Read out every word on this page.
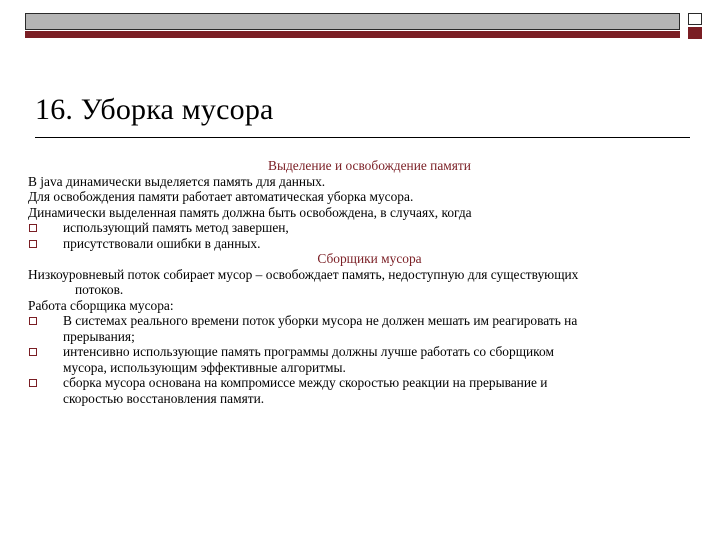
16. Уборка мусора

Выделение и освобождение памяти

В java динамически выделяется память для данных.

Для освобождения памяти работает автоматическая уборка мусора.

Динамически выделенная память должна быть освобождена, в случаях, когда

использующий память метод завершен,

присутствовали ошибки в данных.

Сборщики мусора

Низкоуровневый поток собирает мусор – освобождает память, недоступную для существующих
потоков.

Работа сборщика мусора:

В системах реального времени поток уборки мусора не должен мешать им реагировать на
прерывания;

интенсивно использующие память программы должны лучше работать со сборщиком
мусора, использующим эффективные алгоритмы.

сборка мусора основана на компромиссе между скоростью реакции на прерывание и
скоростью восстановления памяти.
